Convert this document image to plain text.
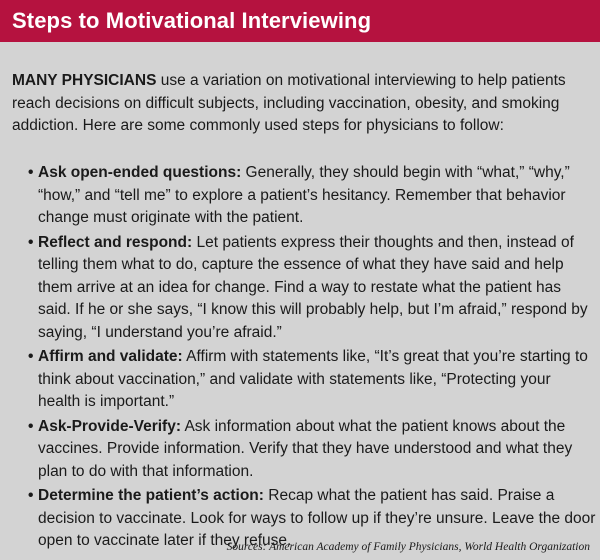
Steps to Motivational Interviewing

MANY PHYSICIANS use a variation on motivational interviewing to help patients reach decisions on difficult subjects, including vaccination, obesity, and smoking addiction. Here are some commonly used steps for physicians to follow:

• Ask open-ended questions: Generally, they should begin with “what,” “why,” “how,” and “tell me” to explore a patient’s hesitancy. Remember that behavior change must originate with the patient.
• Reflect and respond: Let patients express their thoughts and then, instead of telling them what to do, capture the essence of what they have said and help them arrive at an idea for change. Find a way to restate what the patient has said. If he or she says, “I know this will probably help, but I’m afraid,” respond by saying, “I understand you’re afraid.”
• Affirm and validate: Affirm with statements like, “It’s great that you’re starting to think about vaccination,” and validate with statements like, “Protecting your health is important.”
• Ask-Provide-Verify: Ask information about what the patient knows about the vaccines. Provide information. Verify that they have understood and what they plan to do with that information.
• Determine the patient’s action: Recap what the patient has said. Praise a decision to vaccinate. Look for ways to follow up if they’re unsure. Leave the door open to vaccinate later if they refuse.
Sources: American Academy of Family Physicians, World Health Organization
